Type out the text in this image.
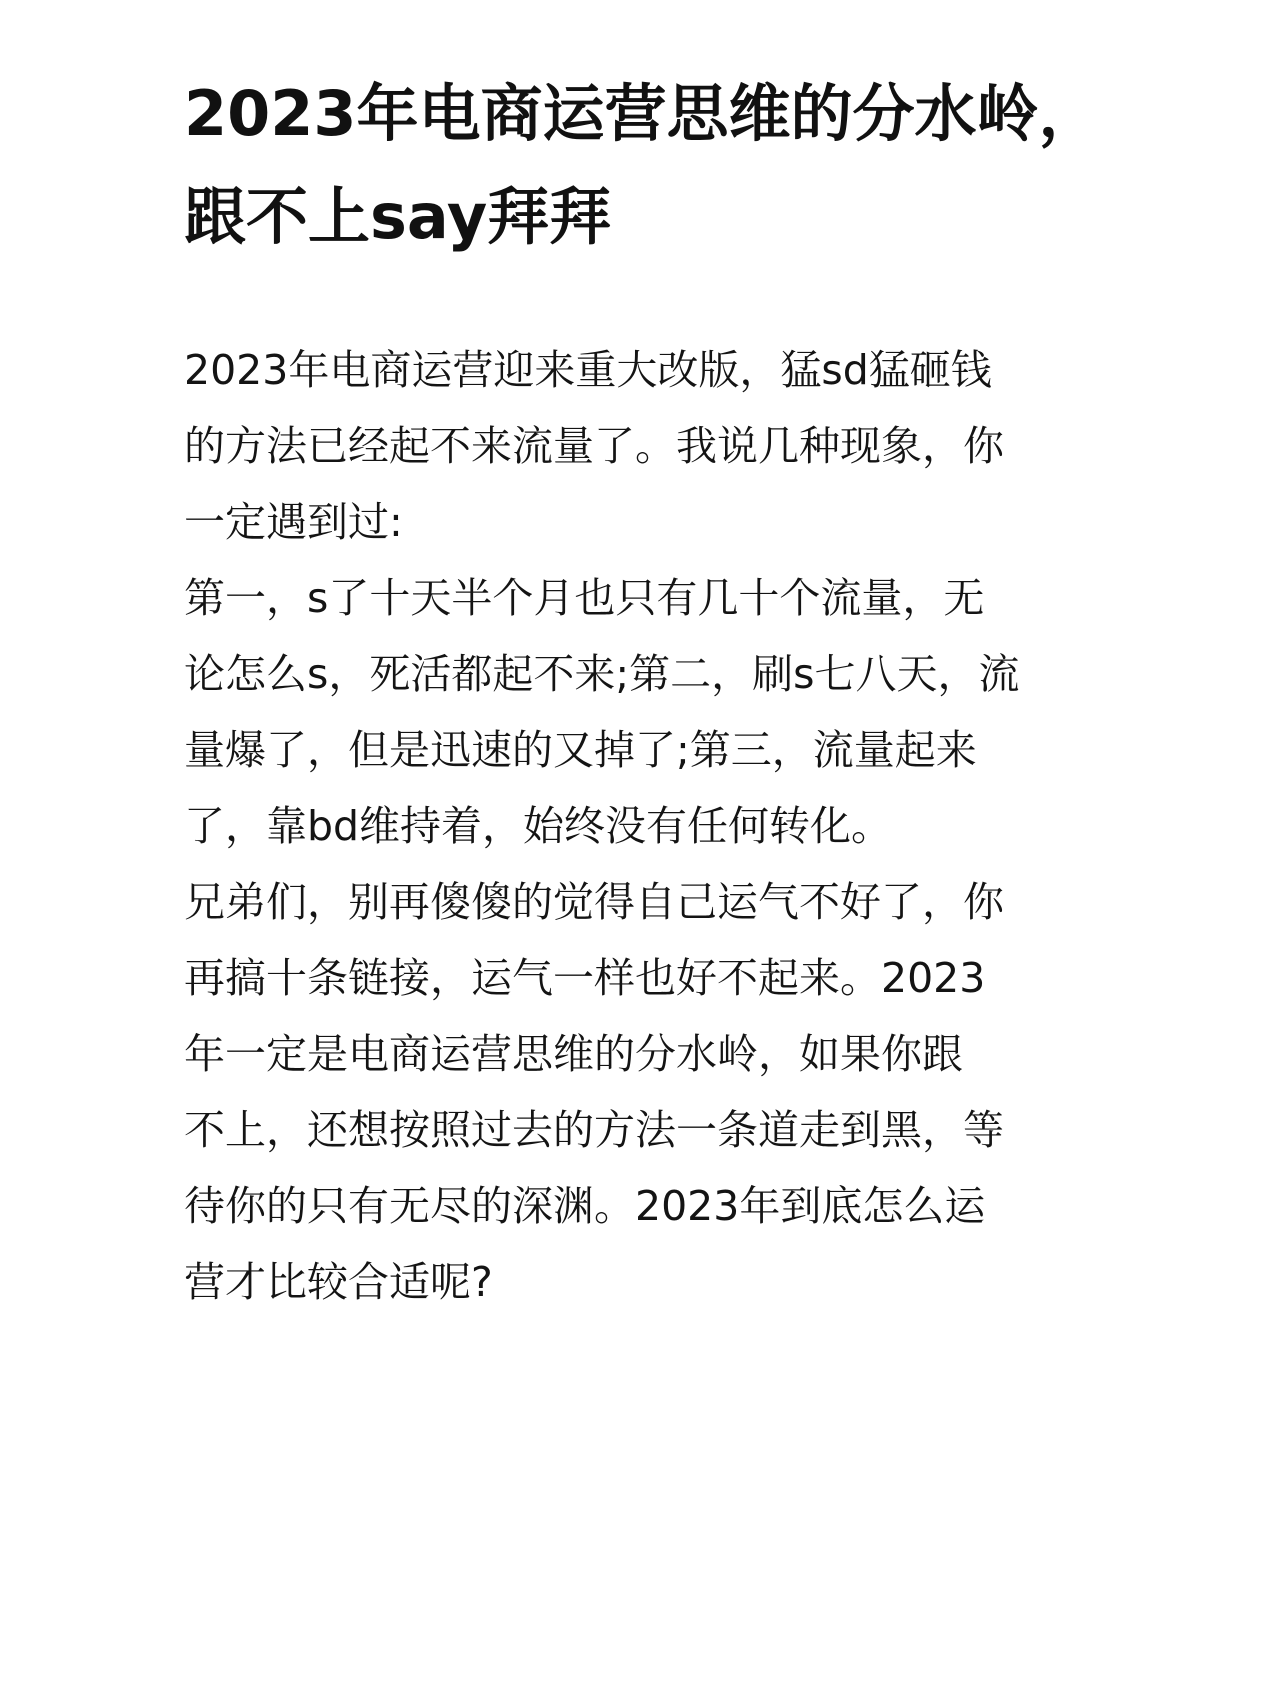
2023年电商运营思维的分水岭，
跟不上say拜拜
2023年电商运营迎来重大改版，猛sd猛砸钱
的方法已经起不来流量了。我说几种现象，你
一定遇到过:
第一，s了十天半个月也只有几十个流量，无
论怎么s，死活都起不来;第二，刷s七八天，流
量爆了，但是迅速的又掉了;第三，流量起来
了，靠bd维持着，始终没有任何转化。
兄弟们，别再傻傻的觉得自己运气不好了，你
再搞十条链接，运气一样也好不起来。2023
年一定是电商运营思维的分水岭，如果你跟
不上，还想按照过去的方法一条道走到黑，等
待你的只有无尽的深渊。2023年到底怎么运
营才比较合适呢?
